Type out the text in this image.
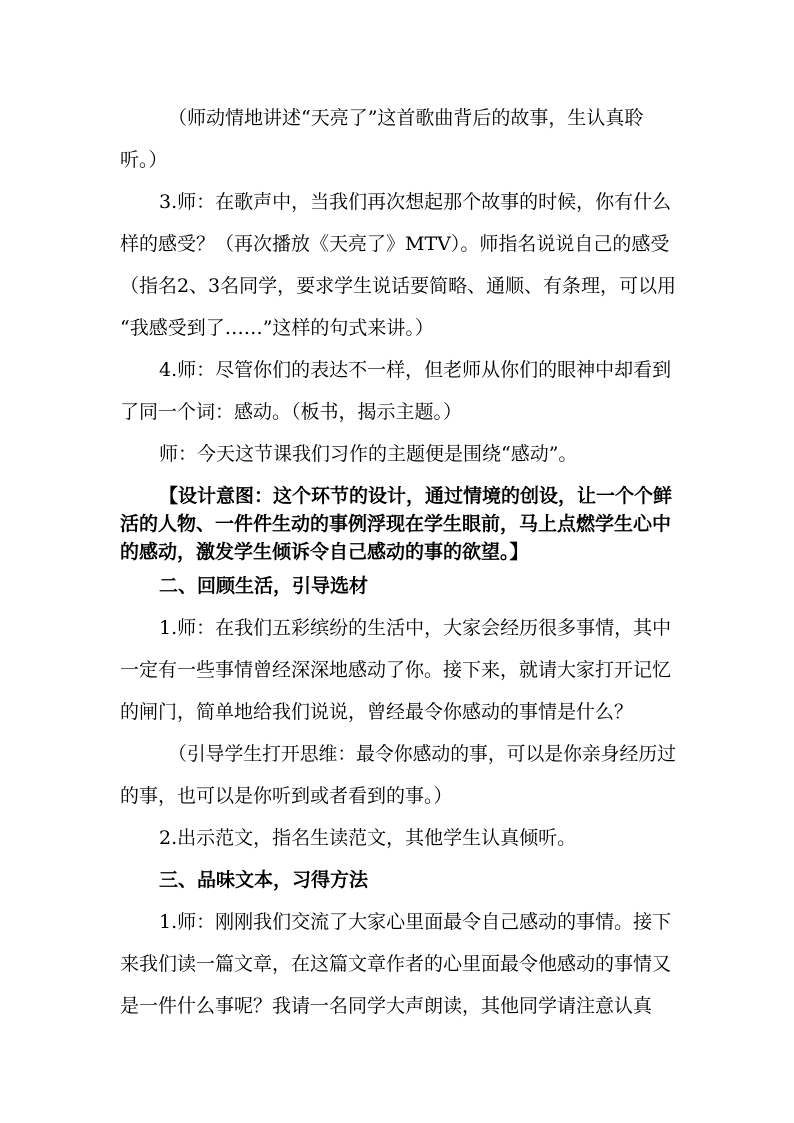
（师动情地讲述“天亮了”这首歌曲背后的故事，生认真聆
听。）
3.师：在歌声中，当我们再次想起那个故事的时候，你有什么
样的感受？（再次播放《天亮了》MTV）。师指名说说自己的感受
（指名2、3名同学，要求学生说话要简略、通顺、有条理，可以用
“我感受到了……”这样的句式来讲。）
4.师：尽管你们的表达不一样，但老师从你们的眼神中却看到
了同一个词：感动。（板书，揭示主题。）
师：今天这节课我们习作的主题便是围绕“感动”。
【设计意图：这个环节的设计，通过情境的创设，让一个个鲜
活的人物、一件件生动的事例浮现在学生眼前，马上点燃学生心中
的感动，激发学生倾诉令自己感动的事的欲望。】
二、回顾生活，引导选材
1.师：在我们五彩缤纷的生活中，大家会经历很多事情，其中
一定有一些事情曾经深深地感动了你。接下来，就请大家打开记忆
的闸门，简单地给我们说说，曾经最令你感动的事情是什么？
（引导学生打开思维：最令你感动的事，可以是你亲身经历过
的事，也可以是你听到或者看到的事。）
2.出示范文，指名生读范文，其他学生认真倾听。
三、品味文本，习得方法
1.师：刚刚我们交流了大家心里面最令自己感动的事情。接下
来我们读一篇文章，在这篇文章作者的心里面最令他感动的事情又
是一件什么事呢？我请一名同学大声朗读，其他同学请注意认真
